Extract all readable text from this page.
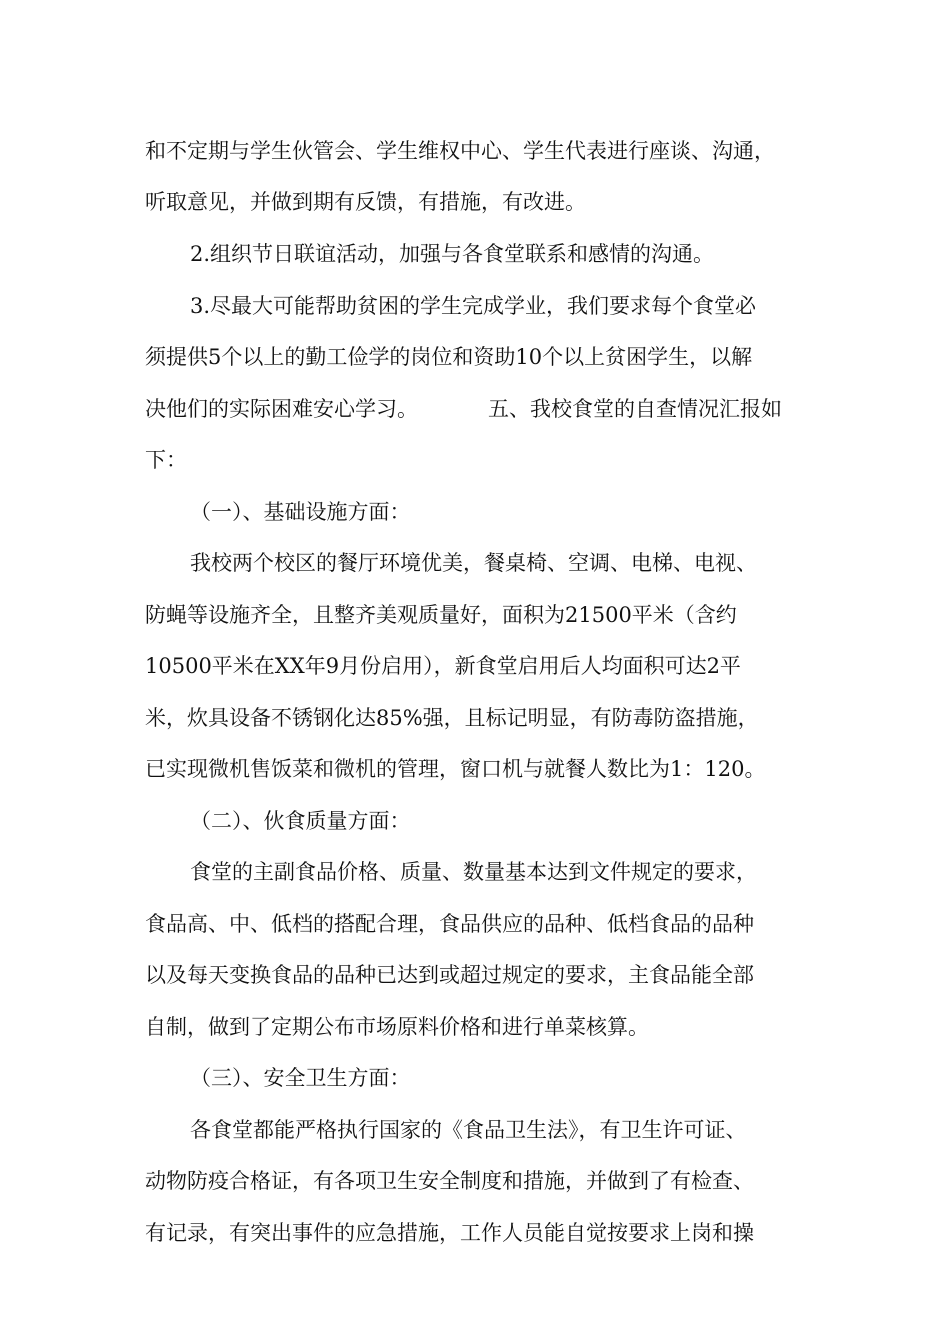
和不定期与学生伙管会、学生维权中心、学生代表进行座谈、沟通，
听取意见，并做到期有反馈，有措施，有改进。
2.组织节日联谊活动，加强与各食堂联系和感情的沟通。
3.尽最大可能帮助贫困的学生完成学业，我们要求每个食堂必
须提供5个以上的勤工俭学的岗位和资助10个以上贫困学生，以解
决他们的实际困难安心学习。	五、我校食堂的自查情况汇报如
下：
（一）、基础设施方面：
我校两个校区的餐厅环境优美，餐桌椅、空调、电梯、电视、
防蝇等设施齐全，且整齐美观质量好，面积为21500平米（含约
10500平米在XX年9月份启用），新食堂启用后人均面积可达2平
米，炊具设备不锈钢化达85%强，且标记明显，有防毒防盗措施，
已实现微机售饭菜和微机的管理，窗口机与就餐人数比为1：120。
（二）、伙食质量方面：
食堂的主副食品价格、质量、数量基本达到文件规定的要求，
食品高、中、低档的搭配合理，食品供应的品种、低档食品的品种
以及每天变换食品的品种已达到或超过规定的要求，主食品能全部
自制，做到了定期公布市场原料价格和进行单菜核算。
（三）、安全卫生方面：
各食堂都能严格执行国家的《食品卫生法》，有卫生许可证、
动物防疫合格证，有各项卫生安全制度和措施，并做到了有检查、
有记录，有突出事件的应急措施，工作人员能自觉按要求上岗和操
